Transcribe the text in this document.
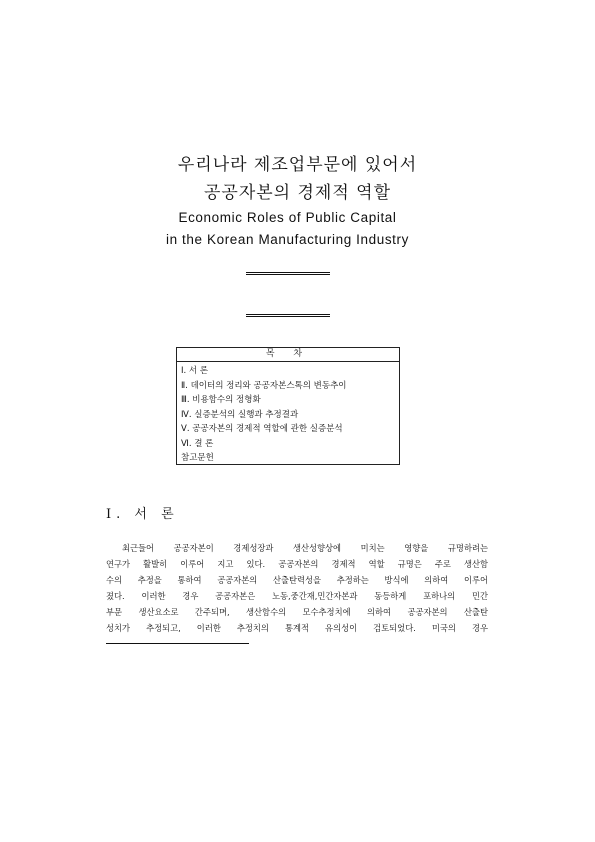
우리나라 제조업부문에 있어서
공공자본의 경제적 역할
Economic Roles of Public Capital
in the Korean Manufacturing Industry
목 차
Ⅰ. 서 론
Ⅱ. 데이터의 정리와 공공자본스톡의 변동추이
Ⅲ. 비용함수의 정형화
Ⅳ. 실증분석의 실행과 추정결과
Ⅴ. 공공자본의 경제적 역할에 관한 실증분석
Ⅵ. 결 론
참고문헌
Ⅰ. 서 론
최근들어 공공자본이 경제성장과 생산성향상에 미치는 영향을 규명하려는
연구가 활발히 이루어 지고 있다. 공공자본의 경제적 역할 규명은 주로 생산함
수의 추정을 통하여 공공자본의 산출탄력성을 추정하는 방식에 의하여 이루어
졌다. 이러한 경우 공공자본은 노동,중간재,민간자본과 동등하게 포하나의 민간
부문 생산요소로 간주되며, 생산함수의 모수추정치에 의하여 공공자본의 산출탄
성치가 추정되고, 이러한 추정치의 통계적 유의성이 검토되었다. 미국의 경우
